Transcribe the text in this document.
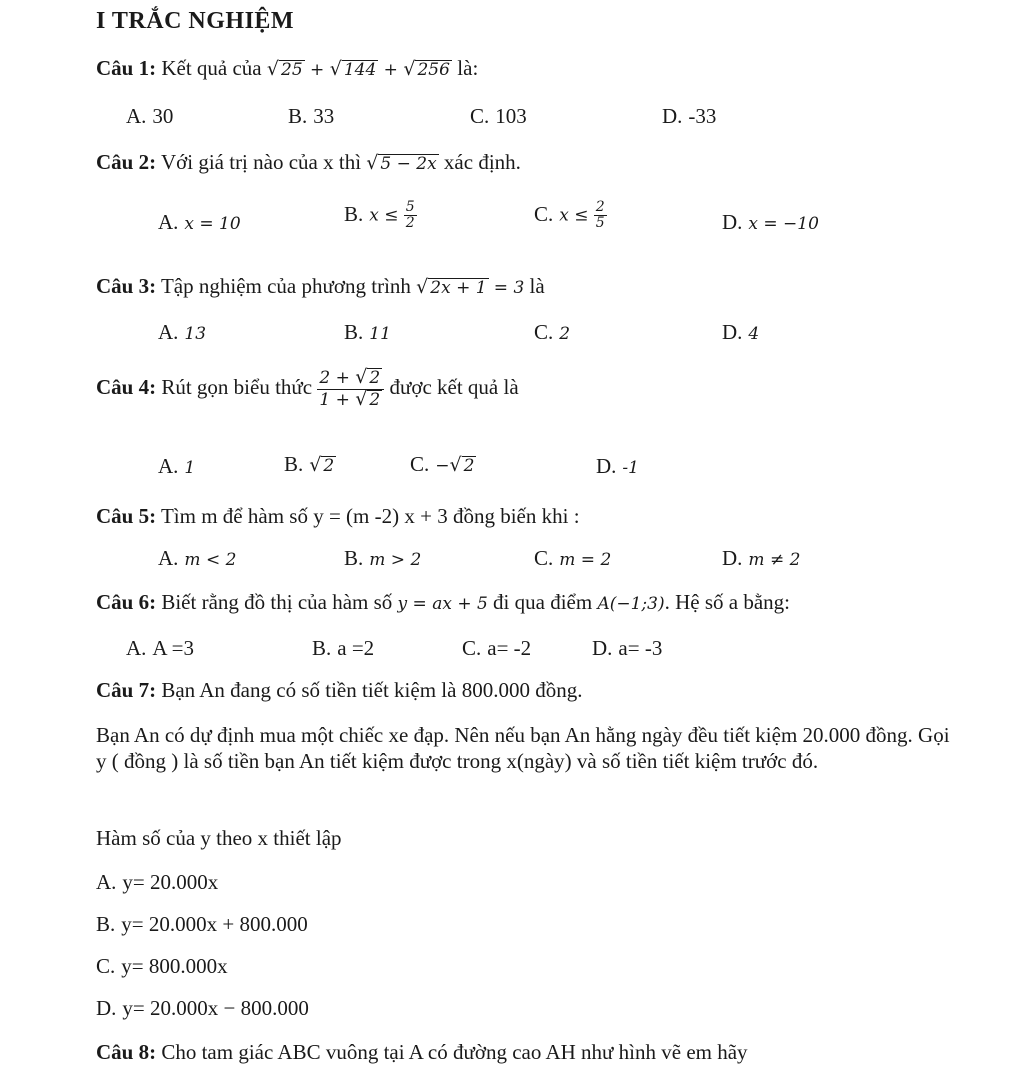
I TRẮC NGHIỆM
Câu 1: Kết quả của √ 25 + √ 144 + √ 256 là:
A. 30	B. 33	C. 103	D. -33
Câu 2: Với giá trị nào của x thì √ 5 − 2x xác định.
A. x = 10	B. $x \le \frac{5}{2}$	C. $x \le \frac{2}{5}$	D. x = −10
Câu 3: Tập nghiệm của phương trình √ 2x + 1 = 3 là
A. 13	B. 11	C. 2	D. 4
Câu 4: Rút gọn biểu thức $\frac{2 + √ 2}{1 + √ 2}$ được kết quả là
A. 1	B. √ 2	C. − √ 2	D. -1
Câu 5: Tìm m để hàm số y = (m -2) x + 3 đồng biến khi :
A. m < 2	B. m > 2	C. m = 2	D. m ≠ 2
Câu 6: Biết rằng đồ thị của hàm số y = ax + 5 đi qua điểm A(−1;3). Hệ số a bằng:
A. A =3	B. a =2	C. a= -2	D. a= -3
Câu 7: Bạn An đang có số tiền tiết kiệm là 800.000 đồng.
Bạn An có dự định mua một chiếc xe đạp. Nên nếu bạn An hằng ngày đều tiết kiệm 20.000 đồng. Gọi y ( đồng ) là số tiền bạn An tiết kiệm được trong x(ngày) và số tiền tiết kiệm trước đó.
Hàm số của y theo x thiết lập
A. y= 20.000x
B. y= 20.000x + 800.000
C. y= 800.000x
D. y= 20.000x − 800.000
Câu 8: Cho tam giác ABC vuông tại A có đường cao AH như hình vẽ em hãy
